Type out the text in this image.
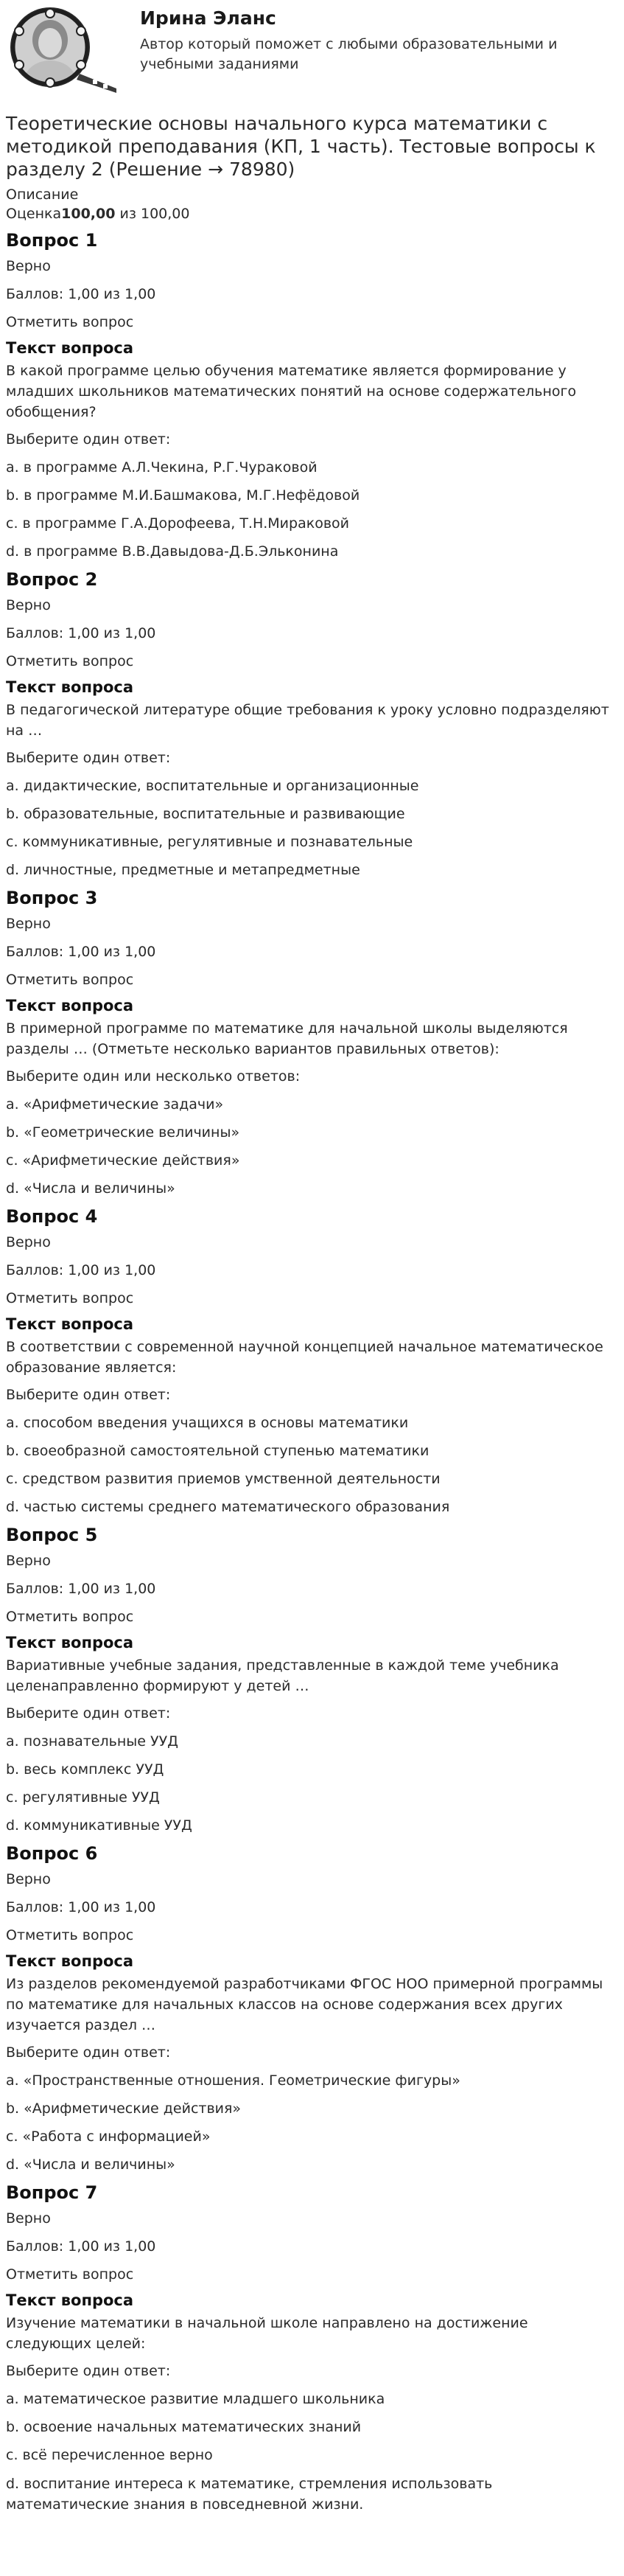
Ирина Эланс
Автор который поможет с любыми образовательными и учебными заданиями
Теоретические основы начального курса математики с методикой преподавания (КП, 1 часть). Тестовые вопросы к разделу 2 (Решение → 78980)
Описание
Оценка100,00 из 100,00
Вопрос 1
Верно
Баллов: 1,00 из 1,00
Отметить вопрос
Текст вопроса
В какой программе целью обучения математике является формирование у младших школьников математических понятий на основе содержательного обобщения?
Выберите один ответ:
a. в программе А.Л.Чекина, Р.Г.Чураковой
b. в программе М.И.Башмакова, М.Г.Нефёдовой
c. в программе Г.А.Дорофеева, Т.Н.Мираковой
d. в программе В.В.Давыдова-Д.Б.Эльконина
Вопрос 2
Верно
Баллов: 1,00 из 1,00
Отметить вопрос
Текст вопроса
В педагогической литературе общие требования к уроку условно подразделяют на …
Выберите один ответ:
a. дидактические, воспитательные и организационные
b. образовательные, воспитательные и развивающие
c. коммуникативные, регулятивные и познавательные
d. личностные, предметные и метапредметные
Вопрос 3
Верно
Баллов: 1,00 из 1,00
Отметить вопрос
Текст вопроса
В примерной программе по математике для начальной школы выделяются разделы … (Отметьте несколько вариантов правильных ответов):
Выберите один или несколько ответов:
a. «Арифметические задачи»
b. «Геометрические величины»
c. «Арифметические действия»
d. «Числа и величины»
Вопрос 4
Верно
Баллов: 1,00 из 1,00
Отметить вопрос
Текст вопроса
В соответствии с современной научной концепцией начальное математическое образование является:
Выберите один ответ:
a. способом введения учащихся в основы математики
b. своеобразной самостоятельной ступенью математики
c. средством развития приемов умственной деятельности
d. частью системы среднего математического образования
Вопрос 5
Верно
Баллов: 1,00 из 1,00
Отметить вопрос
Текст вопроса
Вариативные учебные задания, представленные в каждой теме учебника целенаправленно формируют у детей …
Выберите один ответ:
a. познавательные УУД
b. весь комплекс УУД
c. регулятивные УУД
d. коммуникативные УУД
Вопрос 6
Верно
Баллов: 1,00 из 1,00
Отметить вопрос
Текст вопроса
Из разделов рекомендуемой разработчиками ФГОС НОО примерной программы по математике для начальных классов на основе содержания всех других изучается раздел …
Выберите один ответ:
a. «Пространственные отношения. Геометрические фигуры»
b. «Арифметические действия»
c. «Работа с информацией»
d. «Числа и величины»
Вопрос 7
Верно
Баллов: 1,00 из 1,00
Отметить вопрос
Текст вопроса
Изучение математики в начальной школе направлено на достижение следующих целей:
Выберите один ответ:
a. математическое развитие младшего школьника
b. освоение начальных математических знаний
c. всё перечисленное верно
d. воспитание интереса к математике, стремления использовать математические знания в повседневной жизни.
